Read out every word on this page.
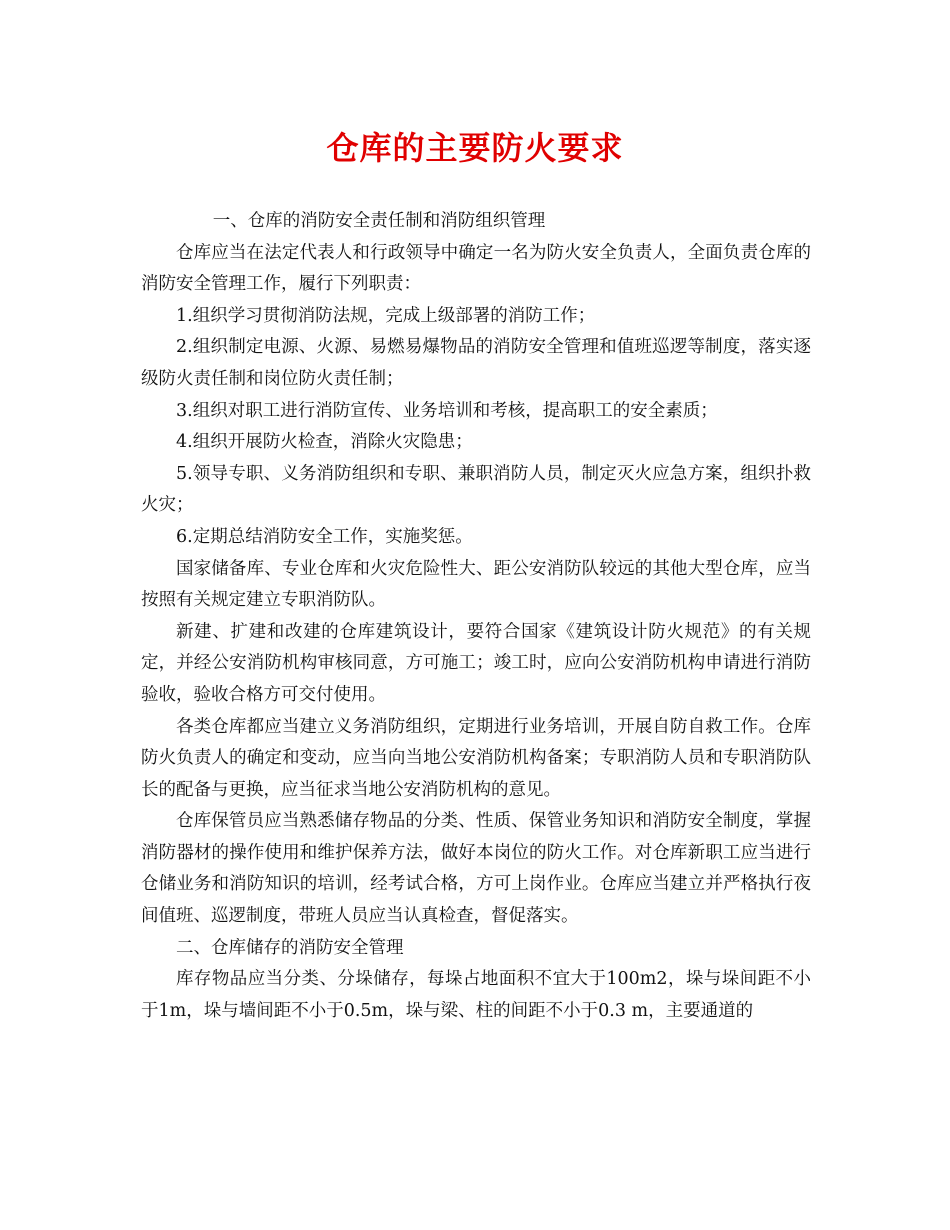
仓库的主要防火要求

一、仓库的消防安全责任制和消防组织管理

仓库应当在法定代表人和行政领导中确定一名为防火安全负责人，全面负责仓库的消防安全管理工作，履行下列职责：

1.组织学习贯彻消防法规，完成上级部署的消防工作；

2.组织制定电源、火源、易燃易爆物品的消防安全管理和值班巡逻等制度，落实逐级防火责任制和岗位防火责任制；

3.组织对职工进行消防宣传、业务培训和考核，提高职工的安全素质；

4.组织开展防火检查，消除火灾隐患；

5.领导专职、义务消防组织和专职、兼职消防人员，制定灭火应急方案，组织扑救火灾；

6.定期总结消防安全工作，实施奖惩。

国家储备库、专业仓库和火灾危险性大、距公安消防队较远的其他大型仓库，应当按照有关规定建立专职消防队。

新建、扩建和改建的仓库建筑设计，要符合国家《建筑设计防火规范》的有关规定，并经公安消防机构审核同意，方可施工；竣工时，应向公安消防机构申请进行消防验收，验收合格方可交付使用。

各类仓库都应当建立义务消防组织，定期进行业务培训，开展自防自救工作。仓库防火负责人的确定和变动，应当向当地公安消防机构备案；专职消防人员和专职消防队长的配备与更换，应当征求当地公安消防机构的意见。

仓库保管员应当熟悉储存物品的分类、性质、保管业务知识和消防安全制度，掌握消防器材的操作使用和维护保养方法，做好本岗位的防火工作。对仓库新职工应当进行仓储业务和消防知识的培训，经考试合格，方可上岗作业。仓库应当建立并严格执行夜间值班、巡逻制度，带班人员应当认真检查，督促落实。

二、仓库储存的消防安全管理

库存物品应当分类、分垛储存，每垛占地面积不宜大于100m2，垛与垛间距不小于1m，垛与墙间距不小于0.5m，垛与梁、柱的间距不小于0.3 m，主要通道的
